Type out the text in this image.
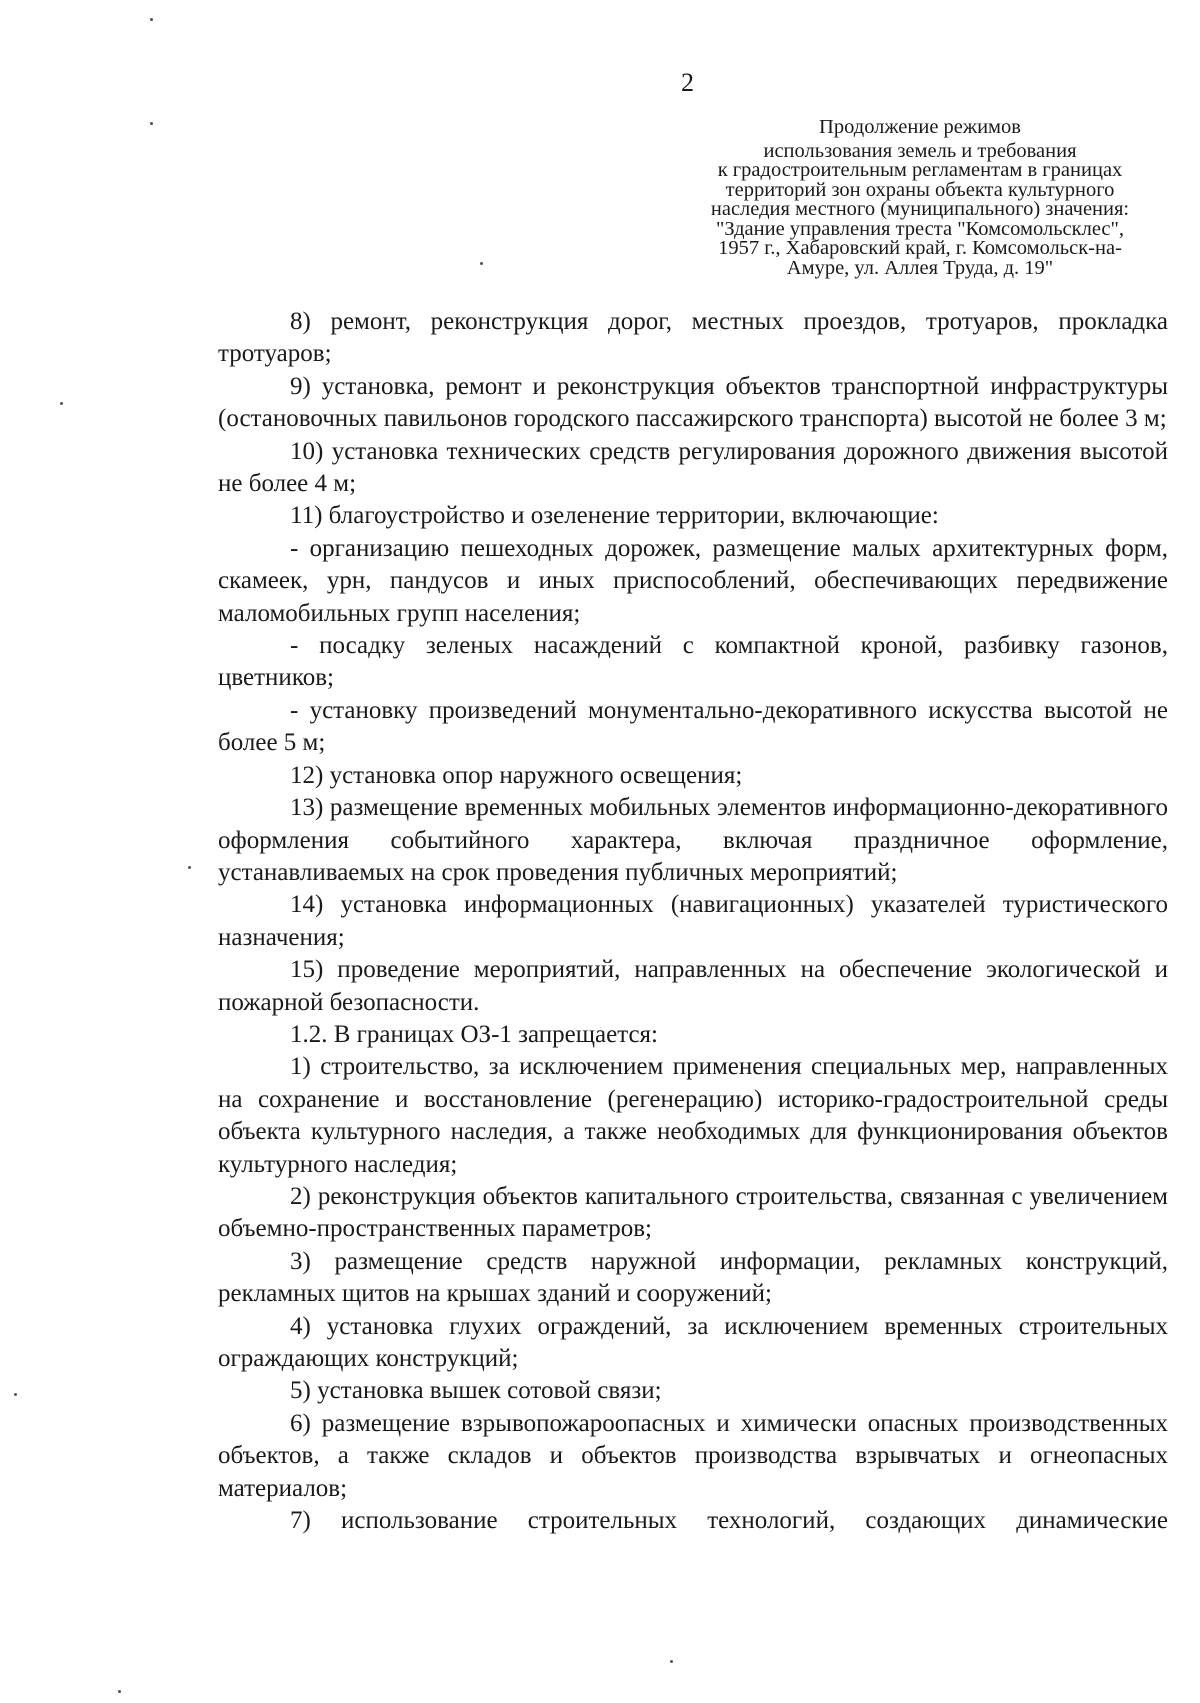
2
Продолжение режимов
использования земель и требования
к градостроительным регламентам в границах
территорий зон охраны объекта культурного
наследия местного (муниципального) значения:
"Здание управления треста "Комсомольсклес",
1957 г., Хабаровский край, г. Комсомольск-на-
Амуре, ул. Аллея Труда, д. 19"

8) ремонт, реконструкция дорог, местных проездов, тротуаров, прокладка тротуаров;

9) установка, ремонт и реконструкция объектов транспортной инфраструктуры (остановочных павильонов городского пассажирского транспорта) высотой не более 3 м;

10) установка технических средств регулирования дорожного движения высотой не более 4 м;

11) благоустройство и озеленение территории, включающие:

- организацию пешеходных дорожек, размещение малых архитектурных форм, скамеек, урн, пандусов и иных приспособлений, обеспечивающих передвижение маломобильных групп населения;

- посадку зеленых насаждений с компактной кроной, разбивку газонов, цветников;

- установку произведений монументально-декоративного искусства высотой не более 5 м;

12) установка опор наружного освещения;

13) размещение временных мобильных элементов информационно-декоративного оформления событийного характера, включая праздничное оформление, устанавливаемых на срок проведения публичных мероприятий;

14) установка информационных (навигационных) указателей туристического назначения;

15) проведение мероприятий, направленных на обеспечение экологической и пожарной безопасности.

1.2. В границах ОЗ-1 запрещается:

1) строительство, за исключением применения специальных мер, направленных на сохранение и восстановление (регенерацию) историко-градостроительной среды объекта культурного наследия, а также необходимых для функционирования объектов культурного наследия;

2) реконструкция объектов капитального строительства, связанная с увеличением объемно-пространственных параметров;

3) размещение средств наружной информации, рекламных конструкций, рекламных щитов на крышах зданий и сооружений;

4) установка глухих ограждений, за исключением временных строительных ограждающих конструкций;

5) установка вышек сотовой связи;

6) размещение взрывопожароопасных и химически опасных производственных объектов, а также складов и объектов производства взрывчатых и огнеопасных материалов;

7) использование строительных технологий, создающих динамические
